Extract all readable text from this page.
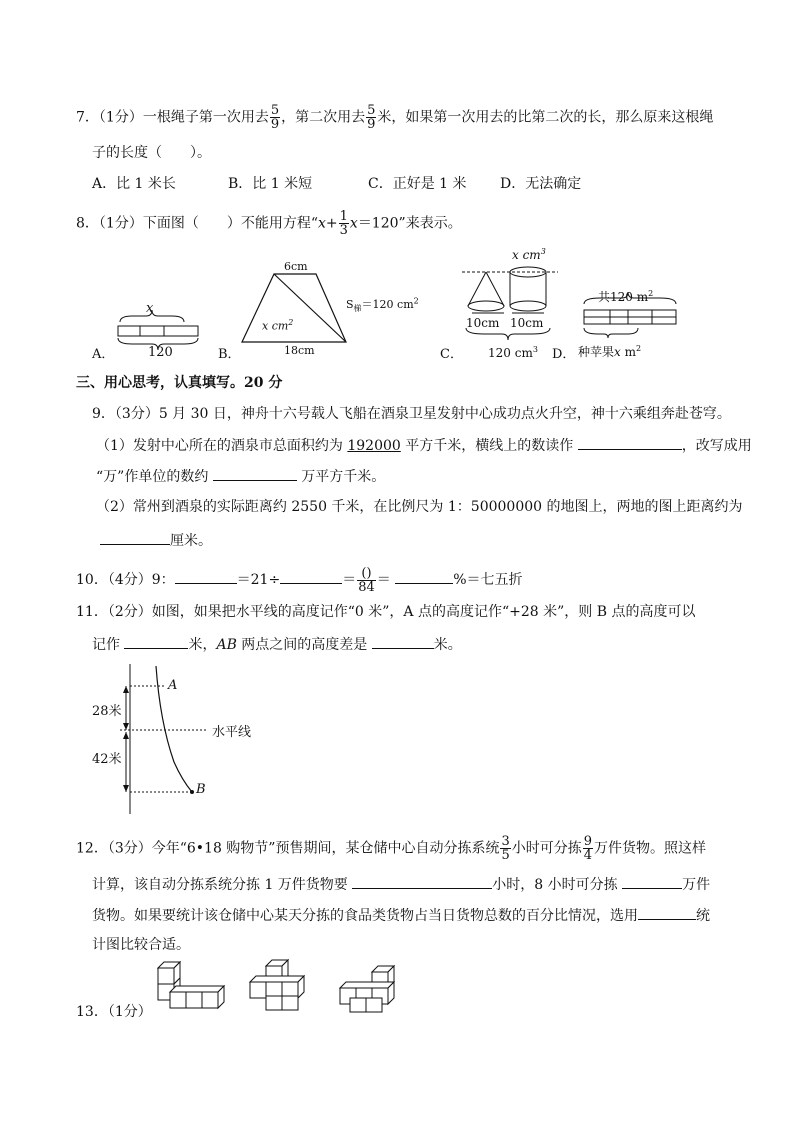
7．（1分）一根绳子第一次用去 $\frac{5}{9}$ ，第二次用去 $\frac{5}{9}$ 米，如果第一次用去的比第二次的长，那么原来这根绳
子的长度（　　）。
A．比 1 米长	B．比 1 米短	C．正好是 1 米 D．无法确定
8．（1分）下面图（　　）不能用方程“$x+ \frac{1}{3} x=120$”来表示。
A．
x
120	B．
6cm
18cm
x $cm^2$
$S_梯=120$ $cm^2$
C．
x $cm^3$
10cm 10cm
120 $cm^3$ D．
共120 $m^2$
种苹果x $m^2$
三、用心思考，认真填写。20 分
9．（3分）5 月 30 日，神舟十六号载人飞船在酒泉卫星发射中心成功点火升空，神十六乘组奔赴苍穹。
（1）发射中心所在的酒泉市总面积约为 192000 平方千米，横线上的数读作	，改写成用
“万”作单位的数约	万平方千米。
（2）常州到酒泉的实际距离约 2550 千米，在比例尺为 1：50000000 的地图上，两地的图上距离约为
厘米。
10．（4分）9：	＝21÷	＝ $\frac{()}{84}$ ＝	%＝七五折
11．（2分）如图，如果把水平线的高度记作“0 米”，A 点的高度记作“+28 米”，则 B 点的高度可以
记作	米，AB 两点之间的高度差是	米。
A
B
28米
42米
水平线
12．（3分）今年“6•18 购物节”预售期间，某仓储中心自动分拣系统 $\frac{3}{5}$ 小时可分拣 $\frac{9}{4}$ 万件货物。照这样
计算，该自动分拣系统分拣 1 万件货物要	小时，8 小时可分拣	万件
货物。如果要统计该仓储中心某天分拣的食品类货物占当日货物总数的百分比情况，选用	统
计图比较合适。
13．（1分）
